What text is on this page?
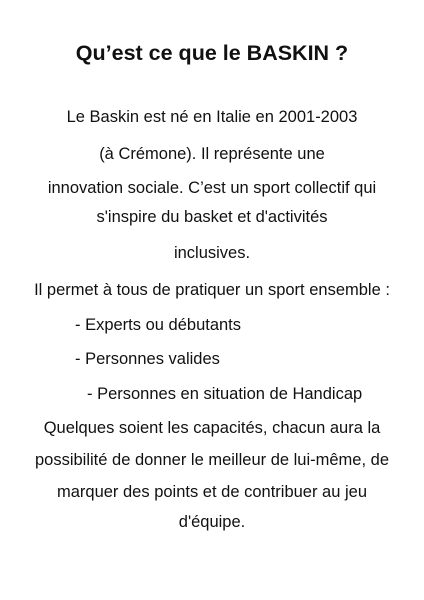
Qu’est ce que le BASKIN ?
Le Baskin est né en Italie en 2001-2003
(à Crémone). Il représente une
innovation sociale. C’est un sport collectif qui
s'inspire du basket et d'activités
inclusives.
Il permet à tous de pratiquer un sport ensemble :
- Experts ou débutants
- Personnes valides
- Personnes en situation de Handicap
Quelques soient les capacités, chacun aura la
possibilité de donner le meilleur de lui-même, de
marquer des points et de contribuer au jeu
d'équipe.
